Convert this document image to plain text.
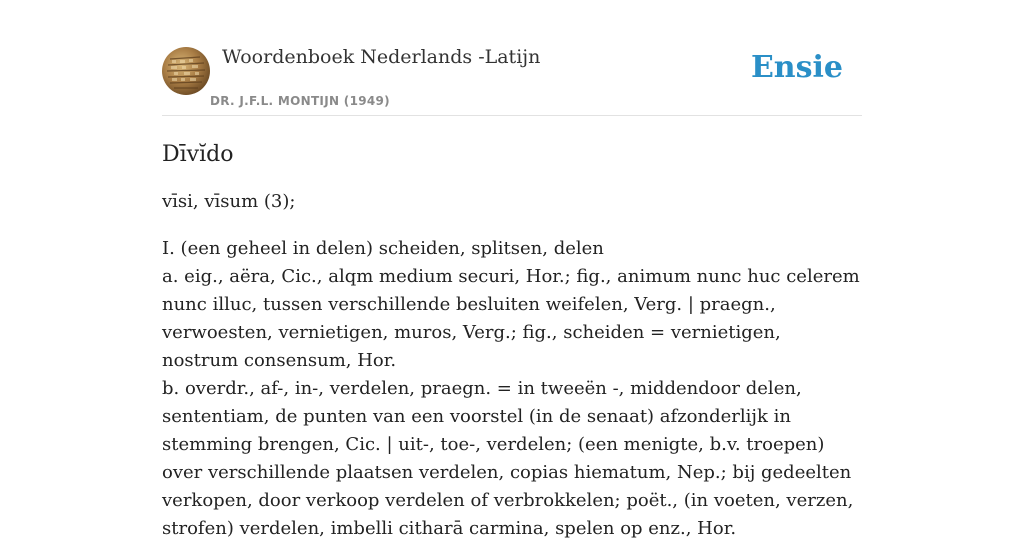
Woordenboek Nederlands -Latijn
DR. J.F.L. MONTIJN (1949)
Ensie
Dīvĭdo

vīsi, vīsum (3);

I. (een geheel in delen) scheiden, splitsen, delen
a. eig., aëra, Cic., alqm medium securi, Hor.; fig., animum nunc huc celerem nunc illuc, tussen verschillende besluiten weifelen, Verg. | praegn., verwoesten, vernietigen, muros, Verg.; fig., scheiden = vernietigen, nostrum consensum, Hor.
b. overdr., af-, in-, verdelen, praegn. = in tweeën -, middendoor delen, sententiam, de punten van een voorstel (in de senaat) afzonderlijk in stemming brengen, Cic. | uit-, toe-, verdelen; (een menigte, b.v. troepen) over verschillende plaatsen verdelen, copias hiematum, Nep.; bij gedeelten verkopen, door verkoop verdelen of verbrokkelen; poët., (in voeten, verzen, strofen) verdelen, imbelli citharā carmina, spelen op enz., Hor.
